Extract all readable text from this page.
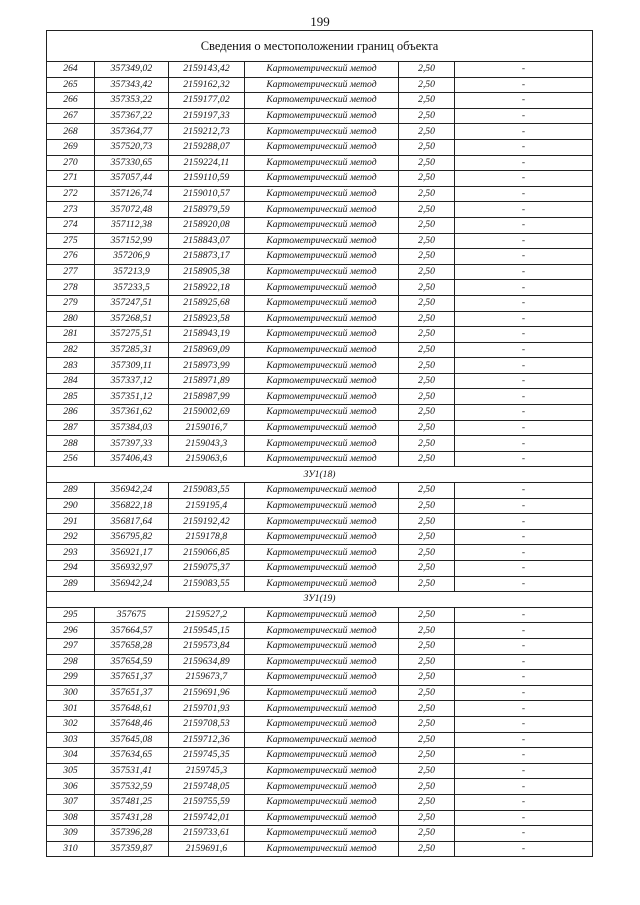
199
Сведения о местоположении границ объекта					
264	357349,02	2159143,42	Картометрический метод	2,50	-
265	357343,42	2159162,32	Картометрический метод	2,50	-
266	357353,22	2159177,02	Картометрический метод	2,50	-
267	357367,22	2159197,33	Картометрический метод	2,50	-
268	357364,77	2159212,73	Картометрический метод	2,50	-
269	357520,73	2159288,07	Картометрический метод	2,50	-
270	357330,65	2159224,11	Картометрический метод	2,50	-
271	357057,44	2159110,59	Картометрический метод	2,50	-
272	357126,74	2159010,57	Картометрический метод	2,50	-
273	357072,48	2158979,59	Картометрический метод	2,50	-
274	357112,38	2158920,08	Картометрический метод	2,50	-
275	357152,99	2158843,07	Картометрический метод	2,50	-
276	357206,9	2158873,17	Картометрический метод	2,50	-
277	357213,9	2158905,38	Картометрический метод	2,50	-
278	357233,5	2158922,18	Картометрический метод	2,50	-
279	357247,51	2158925,68	Картометрический метод	2,50	-
280	357268,51	2158923,58	Картометрический метод	2,50	-
281	357275,51	2158943,19	Картометрический метод	2,50	-
282	357285,31	2158969,09	Картометрический метод	2,50	-
283	357309,11	2158973,99	Картометрический метод	2,50	-
284	357337,12	2158971,89	Картометрический метод	2,50	-
285	357351,12	2158987,99	Картометрический метод	2,50	-
286	357361,62	2159002,69	Картометрический метод	2,50	-
287	357384,03	2159016,7	Картометрический метод	2,50	-
288	357397,33	2159043,3	Картометрический метод	2,50	-
256	357406,43	2159063,6	Картометрический метод	2,50	-
ЗУ1(18)					
289	356942,24	2159083,55	Картометрический метод	2,50	-
290	356822,18	2159195,4	Картометрический метод	2,50	-
291	356817,64	2159192,42	Картометрический метод	2,50	-
292	356795,82	2159178,8	Картометрический метод	2,50	-
293	356921,17	2159066,85	Картометрический метод	2,50	-
294	356932,97	2159075,37	Картометрический метод	2,50	-
289	356942,24	2159083,55	Картометрический метод	2,50	-
ЗУ1(19)					
295	357675	2159527,2	Картометрический метод	2,50	-
296	357664,57	2159545,15	Картометрический метод	2,50	-
297	357658,28	2159573,84	Картометрический метод	2,50	-
298	357654,59	2159634,89	Картометрический метод	2,50	-
299	357651,37	2159673,7	Картометрический метод	2,50	-
300	357651,37	2159691,96	Картометрический метод	2,50	-
301	357648,61	2159701,93	Картометрический метод	2,50	-
302	357648,46	2159708,53	Картометрический метод	2,50	-
303	357645,08	2159712,36	Картометрический метод	2,50	-
304	357634,65	2159745,35	Картометрический метод	2,50	-
305	357531,41	2159745,3	Картометрический метод	2,50	-
306	357532,59	2159748,05	Картометрический метод	2,50	-
307	357481,25	2159755,59	Картометрический метод	2,50	-
308	357431,28	2159742,01	Картометрический метод	2,50	-
309	357396,28	2159733,61	Картометрический метод	2,50	-
310	357359,87	2159691,6	Картометрический метод	2,50	-
